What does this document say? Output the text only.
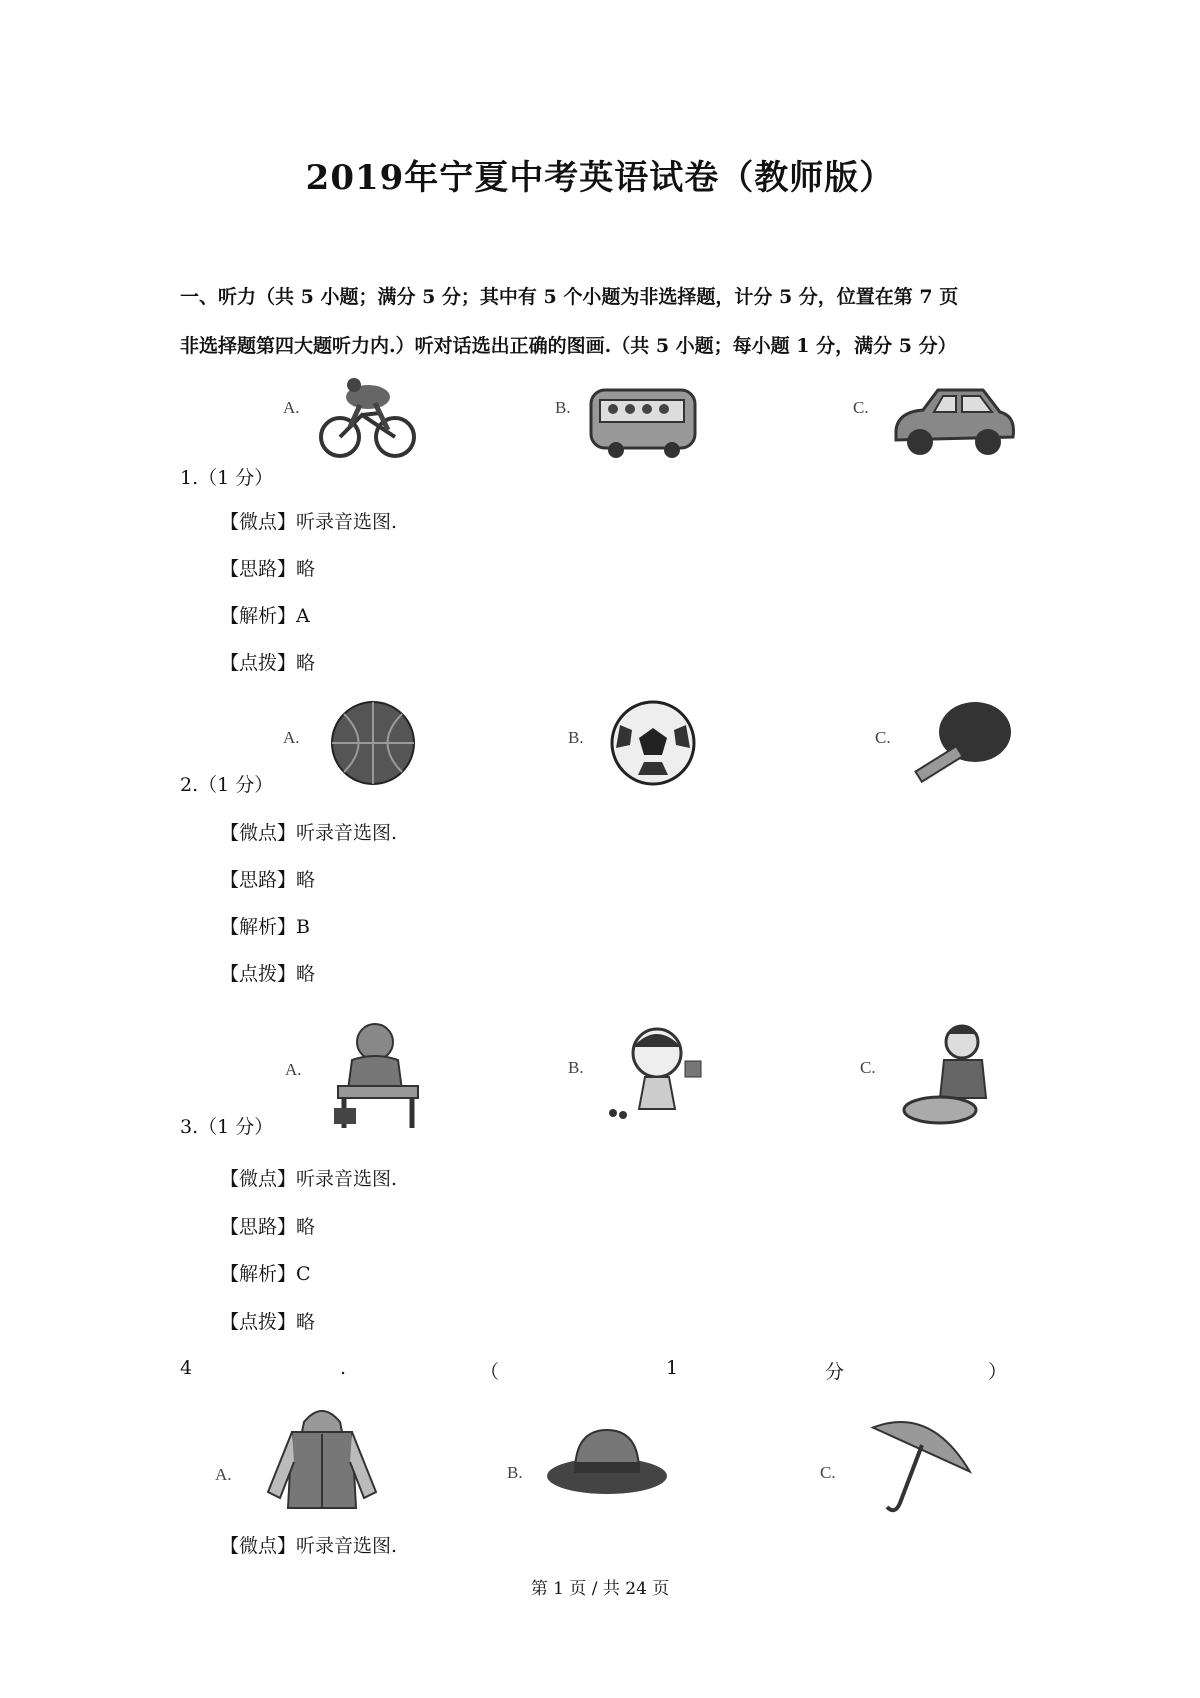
2019年宁夏中考英语试卷（教师版）
一、听力（共 5 小题；满分 5 分；其中有 5 个小题为非选择题，计分 5 分，位置在第 7 页
非选择题第四大题听力内.）听对话选出正确的图画.（共 5 小题；每小题 1 分，满分 5 分）
A.	B.	C.
1.（1 分）
【微点】听录音选图.
【思路】略
【解析】A
【点拨】略
A.	B.	C.
2.（1 分）
【微点】听录音选图.
【思路】略
【解析】B
【点拨】略
A.	B.	C.
3.（1 分）
【微点】听录音选图.
【思路】略
【解析】C
【点拨】略
4	.	（	1	分	）
A.	B.	C.
【微点】听录音选图.
第 1 页 / 共 24 页
